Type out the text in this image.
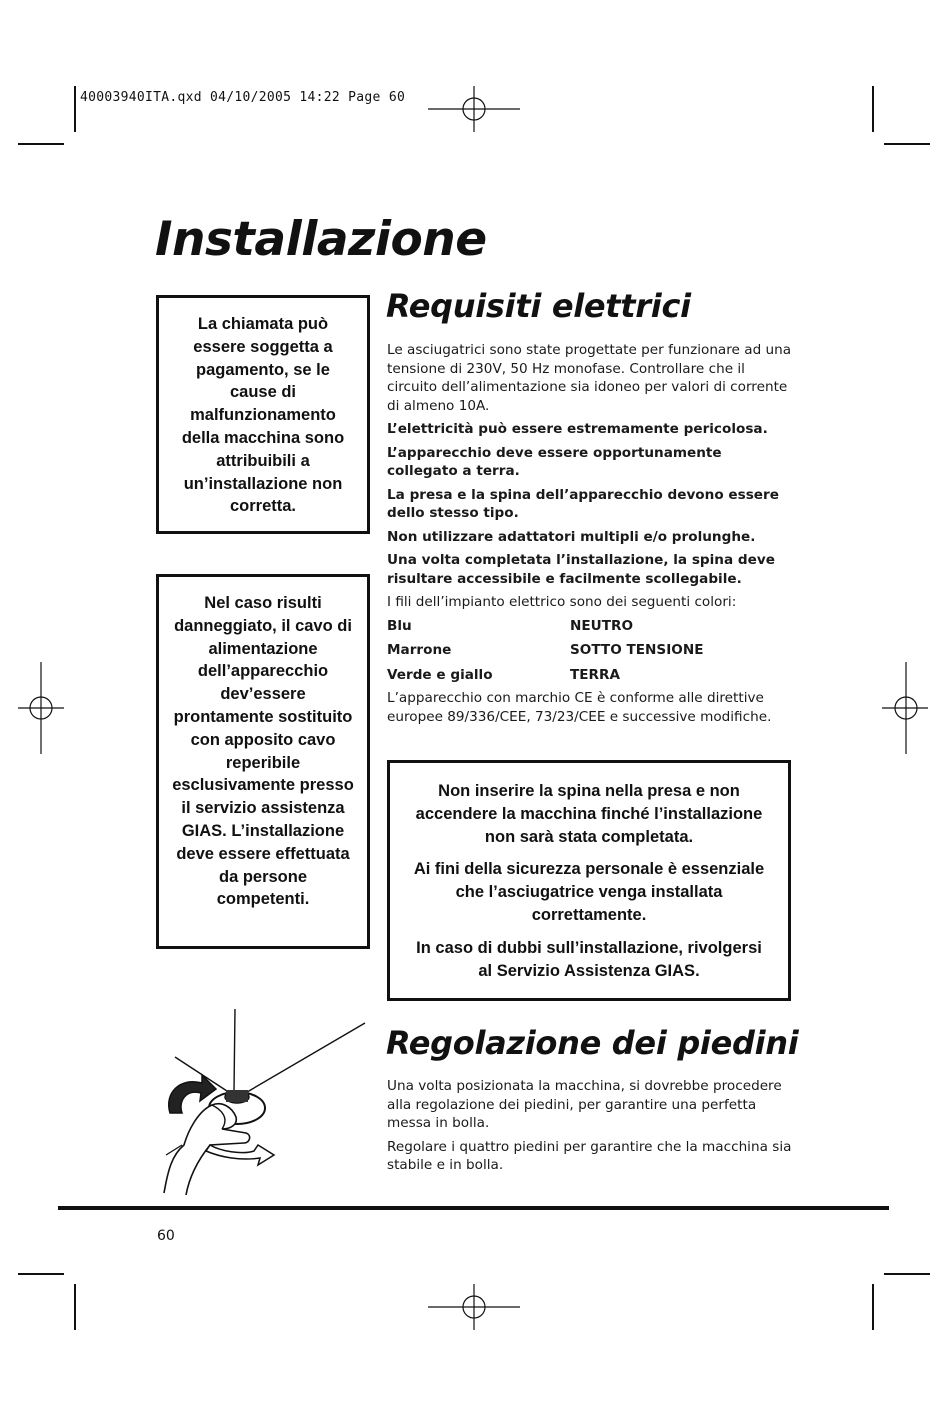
40003940ITA.qxd 04/10/2005 14:22 Page 60
Installazione

La chiamata può essere soggetta a pagamento, se le cause di malfunzionamento della macchina sono attribuibili a un’installazione non corretta.

Nel caso risulti danneggiato, il cavo di alimentazione dell’apparecchio dev’essere prontamente sostituito con apposito cavo reperibile esclusivamente presso il servizio assistenza GIAS. L’installazione deve essere effettuata da persone competenti.

Requisiti elettrici

Le asciugatrici sono state progettate per funzionare ad una tensione di 230V, 50 Hz monofase. Controllare che il circuito dell’alimentazione sia idoneo per valori di corrente di almeno 10A.

L’elettricità può essere estremamente pericolosa.

L’apparecchio deve essere opportunamente collegato a terra.

La presa e la spina dell’apparecchio devono essere dello stesso tipo.

Non utilizzare adattatori multipli e/o prolunghe.

Una volta completata l’installazione, la spina deve risultare accessibile e facilmente scollegabile.

I fili dell’impianto elettrico sono dei seguenti colori:

Blu	NEUTRO
Marrone	SOTTO TENSIONE
Verde e giallo	TERRA

L’apparecchio con marchio CE è conforme alle direttive europee 89/336/CEE, 73/23/CEE e successive modifiche.

Non inserire la spina nella presa e non accendere la macchina finché l’installazione non sarà stata completata.

Ai fini della sicurezza personale è essenziale che l’asciugatrice venga installata correttamente.

In caso di dubbi sull’installazione, rivolgersi al Servizio Assistenza GIAS.

Regolazione dei piedini

Una volta posizionata la macchina, si dovrebbe procedere alla regolazione dei piedini, per garantire una perfetta messa in bolla.

Regolare i quattro piedini per garantire che la macchina sia stabile e in bolla.

60
